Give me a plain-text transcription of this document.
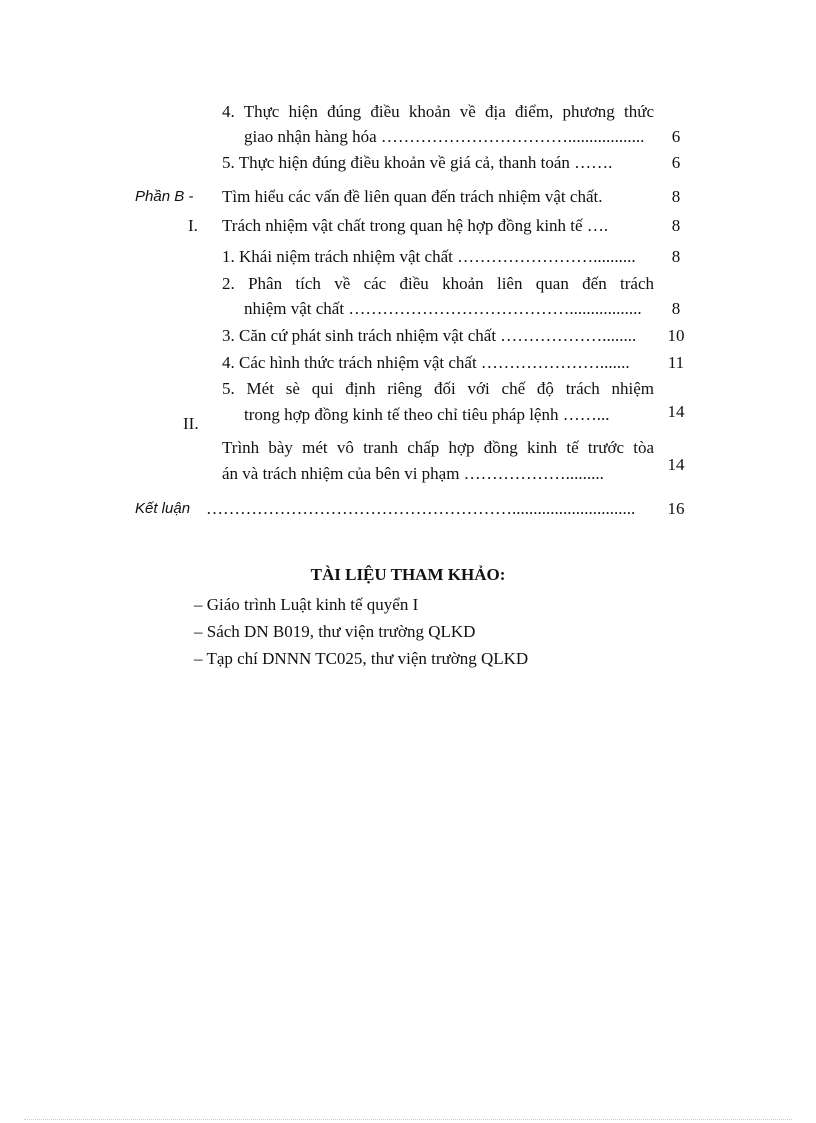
4. Thực hiện đúng điều khoản về địa điểm, phương thức
giao nhận hàng hóa ……………………………..................	6
5. Thực hiện đúng điều khoản về giá cả, thanh toán …….	6
Phần B - Tìm hiểu các vấn đề liên quan đến trách nhiệm vật chất.	8
I. Trách nhiệm vật chất trong quan hệ hợp đồng kinh tế ….	8
1. Khái niệm trách nhiệm vật chất ……………………..........	8
2. Phân tích về các điều khoản liên quan đến trách
nhiệm vật chất ………………………………….................	8
3. Căn cứ phát sinh trách nhiệm vật chất ………………........ 10
4. Các hình thức trách nhiệm vật chất …………………....... 11
5. Mét sè qui định riêng đối với chế độ trách nhiệm
trong hợp đồng kinh tế theo chỉ tiêu pháp lệnh ……...	14
II.
Trình bày mét vô tranh chấp hợp đồng kinh tế trước tòa
án và trách nhiệm của bên vi phạm ……………….........	14
Kết luận ……………………………………………….............................	16
TÀI LIỆU THAM KHẢO:
– Giáo trình Luật kinh tế quyển I
– Sách DN B019, thư viện trường QLKD
– Tạp chí DNNN TC025, thư viện trường QLKD
